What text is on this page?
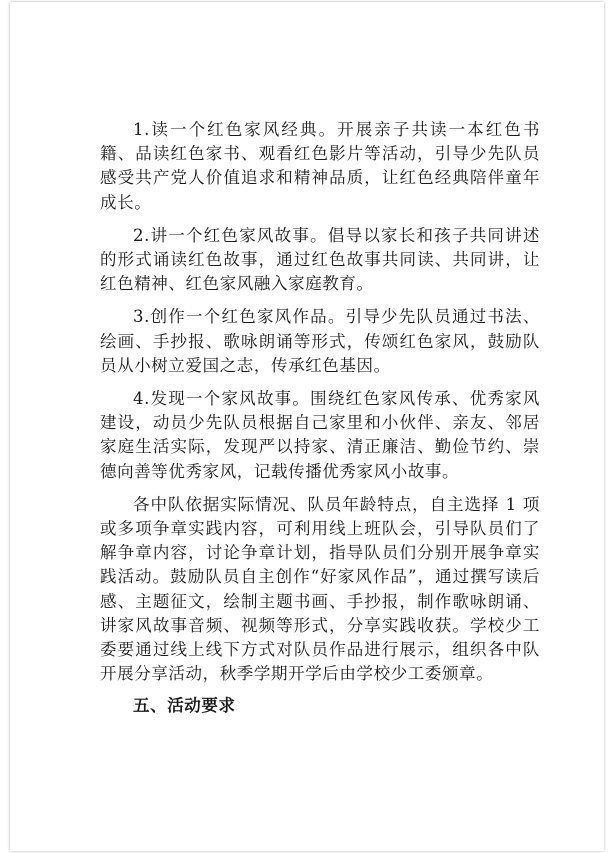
1.读一个红色家风经典。开展亲子共读一本红色书籍、品读红色家书、观看红色影片等活动，引导少先队员感受共产党人价值追求和精神品质，让红色经典陪伴童年成长。

2.讲一个红色家风故事。倡导以家长和孩子共同讲述的形式诵读红色故事，通过红色故事共同读、共同讲，让红色精神、红色家风融入家庭教育。

3.创作一个红色家风作品。引导少先队员通过书法、绘画、手抄报、歌咏朗诵等形式，传颂红色家风，鼓励队员从小树立爱国之志，传承红色基因。

4.发现一个家风故事。围绕红色家风传承、优秀家风建设，动员少先队员根据自己家里和小伙伴、亲友、邻居家庭生活实际，发现严以持家、清正廉洁、勤俭节约、崇德向善等优秀家风，记载传播优秀家风小故事。

各中队依据实际情况、队员年龄特点，自主选择 1 项或多项争章实践内容，可利用线上班队会，引导队员们了解争章内容，讨论争章计划，指导队员们分别开展争章实践活动。鼓励队员自主创作“好家风作品”，通过撰写读后感、主题征文，绘制主题书画、手抄报，制作歌咏朗诵、讲家风故事音频、视频等形式，分享实践收获。学校少工委要通过线上线下方式对队员作品进行展示，组织各中队开展分享活动，秋季学期开学后由学校少工委颁章。

五、活动要求
